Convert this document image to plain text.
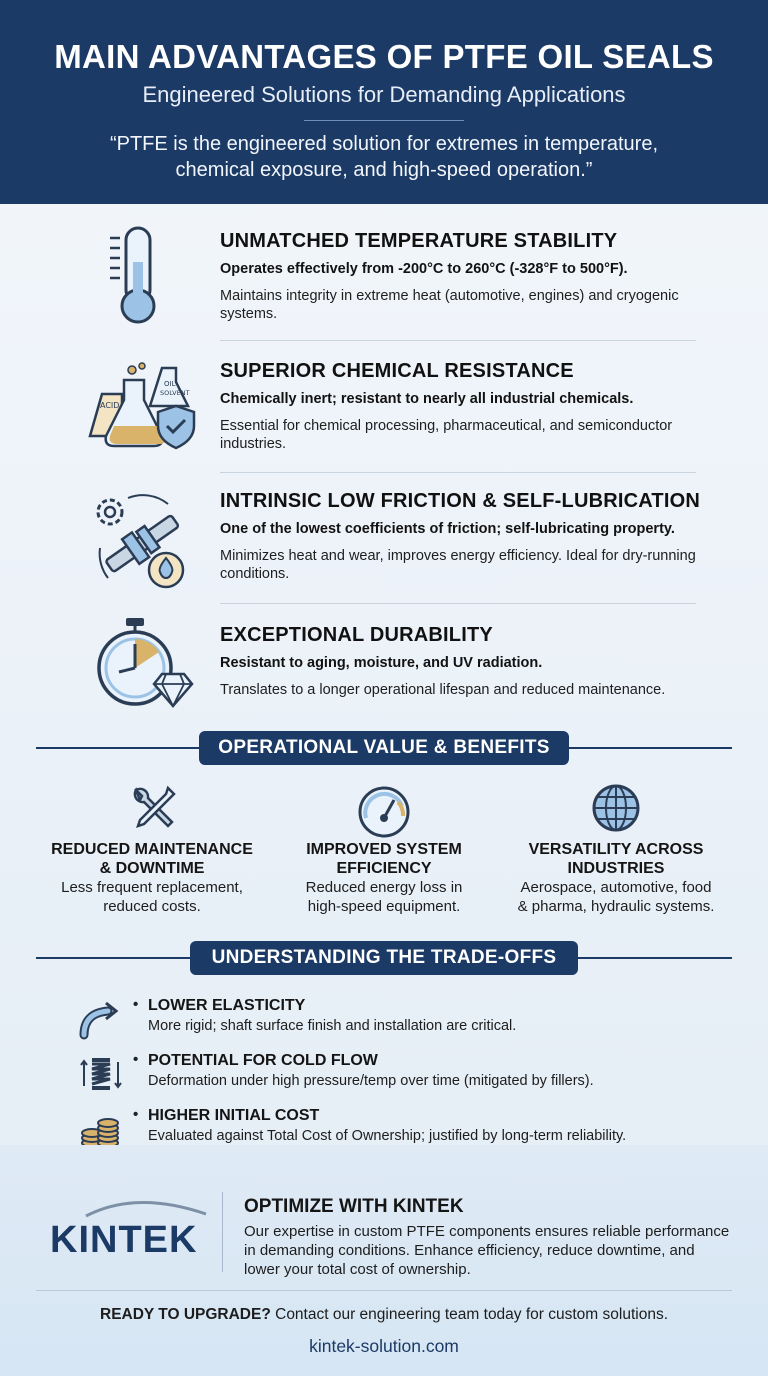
MAIN ADVANTAGES OF PTFE OIL SEALS
Engineered Solutions for Demanding Applications
“PTFE is the engineered solution for extremes in temperature,
chemical exposure, and high-speed operation.”
UNMATCHED TEMPERATURE STABILITY
Operates effectively from -200°C to 260°C (-328°F to 500°F).
Maintains integrity in extreme heat (automotive, engines) and cryogenic systems.
ACID
OIL
SOLVENT
SUPERIOR CHEMICAL RESISTANCE
Chemically inert; resistant to nearly all industrial chemicals.
Essential for chemical processing, pharmaceutical, and semiconductor industries.
INTRINSIC LOW FRICTION & SELF-LUBRICATION
One of the lowest coefficients of friction; self-lubricating property.
Minimizes heat and wear, improves energy efficiency. Ideal for dry-running conditions.
EXCEPTIONAL DURABILITY
Resistant to aging, moisture, and UV radiation.
Translates to a longer operational lifespan and reduced maintenance.
OPERATIONAL VALUE & BENEFITS
REDUCED MAINTENANCE
& DOWNTIME

Less frequent replacement,
reduced costs.

IMPROVED SYSTEM
EFFICIENCY

Reduced energy loss in
high-speed equipment.

VERSATILITY ACROSS
INDUSTRIES

Aerospace, automotive, food
& pharma, hydraulic systems.

UNDERSTANDING THE TRADE-OFFS
• LOWER ELASTICITY

More rigid; shaft surface finish and installation are critical.

• POTENTIAL FOR COLD FLOW

Deformation under high pressure/temp over time (mitigated by fillers).

• HIGHER INITIAL COST

Evaluated against Total Cost of Ownership; justified by long-term reliability.

KINTEK
OPTIMIZE WITH KINTEK
Our expertise in custom PTFE components ensures reliable performance in demanding conditions. Enhance efficiency, reduce downtime, and lower your total cost of ownership.
READY TO UPGRADE? Contact our engineering team today for custom solutions.
kintek-solution.com
